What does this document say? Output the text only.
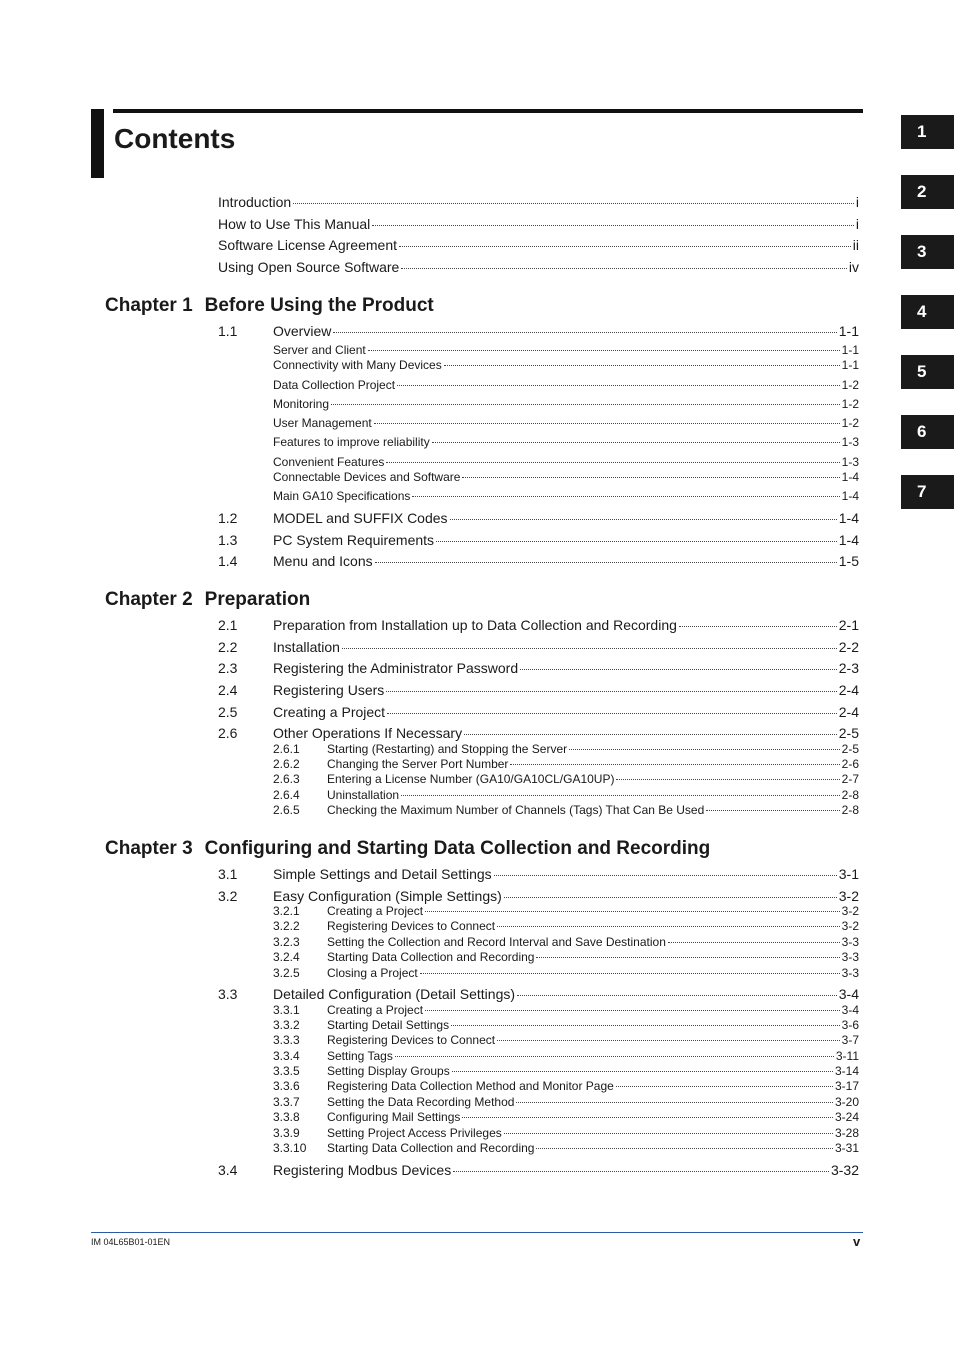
Contents	1
2
3
4
5
6
7
Introduction	i
How to Use This Manual	i
Software License Agreement	ii
Using Open Source Software	iv
Chapter 1 Before Using the Product
1.1	Overview	1-1
Server and Client	1-1
Connectivity with Many Devices	1-1
Data Collection Project	1-2
Monitoring	1-2
User Management	1-2
Features to improve reliability	1-3
Convenient Features	1-3
Connectable Devices and Software	1-4
Main GA10 Specifications	1-4
1.2	MODEL and SUFFIX Codes	1-4
1.3	PC System Requirements	1-4
1.4	Menu and Icons	1-5
Chapter 2 Preparation
2.1	Preparation from Installation up to Data Collection and Recording	2-1
2.2	Installation	2-2
2.3	Registering the Administrator Password	2-3
2.4	Registering Users	2-4
2.5	Creating a Project	2-4
2.6	Other Operations If Necessary	2-5
2.6.1	Starting (Restarting) and Stopping the Server	2-5
2.6.2	Changing the Server Port Number	2-6
2.6.3	Entering a License Number (GA10/GA10CL/GA10UP)	2-7
2.6.4	Uninstallation	2-8
2.6.5	Checking the Maximum Number of Channels (Tags) That Can Be Used	2-8
Chapter 3 Configuring and Starting Data Collection and Recording
3.1	Simple Settings and Detail Settings	3-1
3.2	Easy Configuration (Simple Settings)	3-2
3.2.1	Creating a Project	3-2
3.2.2	Registering Devices to Connect	3-2
3.2.3	Setting the Collection and Record Interval and Save Destination	3-3
3.2.4	Starting Data Collection and Recording	3-3
3.2.5	Closing a Project	3-3
3.3	Detailed Configuration (Detail Settings)	3-4
3.3.1	Creating a Project	3-4
3.3.2	Starting Detail Settings	3-6
3.3.3	Registering Devices to Connect	3-7
3.3.4	Setting Tags	3-11
3.3.5	Setting Display Groups	3-14
3.3.6	Registering Data Collection Method and Monitor Page	3-17
3.3.7	Setting the Data Recording Method	3-20
3.3.8	Configuring Mail Settings	3-24
3.3.9	Setting Project Access Privileges	3-28
3.3.10	Starting Data Collection and Recording	3-31
3.4	Registering Modbus Devices	3-32
IM 04L65B01-01EN	v
